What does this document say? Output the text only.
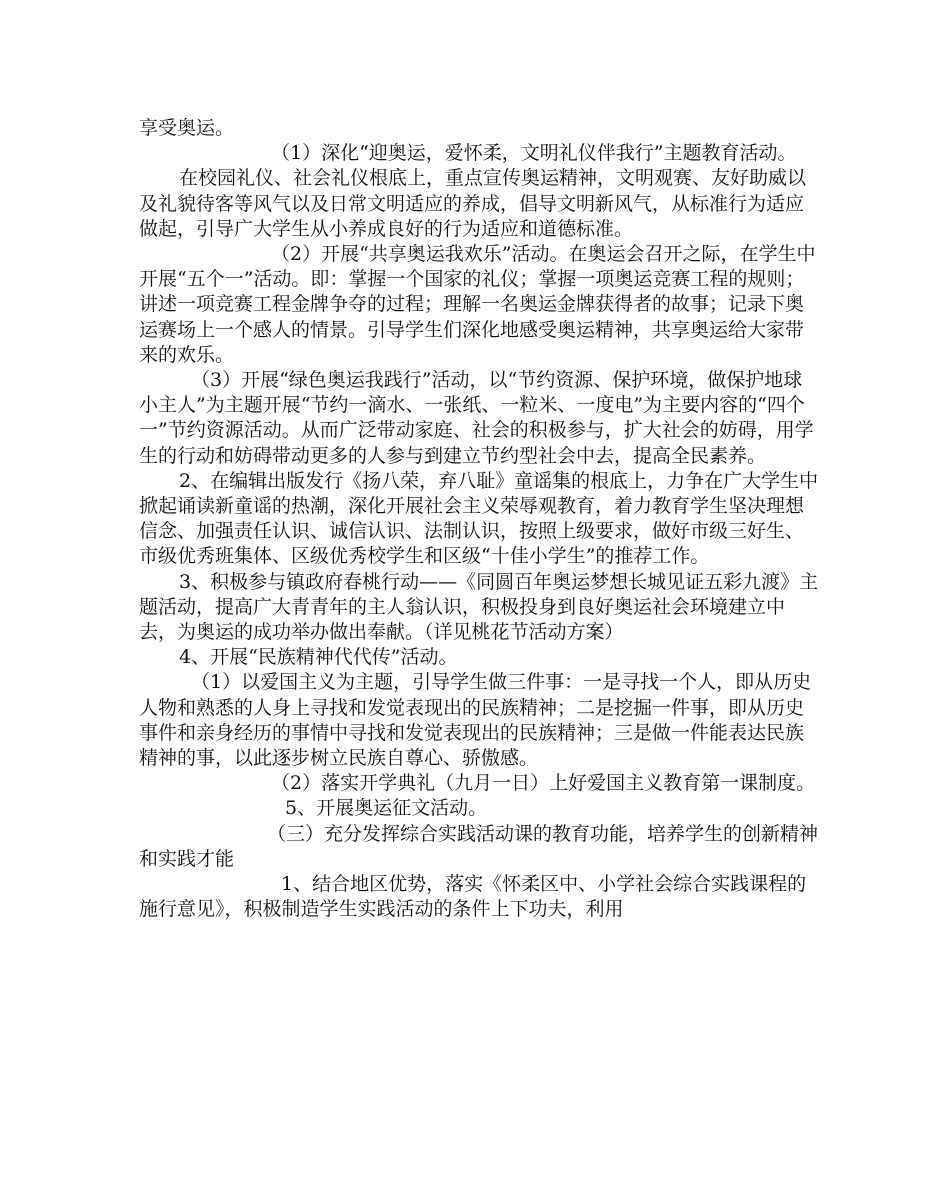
享受奥运。

（1）深化“迎奥运，爱怀柔，文明礼仪伴我行”主题教育活动。

在校园礼仪、社会礼仪根底上，重点宣传奥运精神，文明观赛、友好助威以及礼貌待客等风气以及日常文明适应的养成，倡导文明新风气，从标准行为适应做起，引导广大学生从小养成良好的行为适应和道德标准。

（2）开展“共享奥运我欢乐”活动。在奥运会召开之际，在学生中开展“五个一”活动。即：掌握一个国家的礼仪；掌握一项奥运竞赛工程的规则；讲述一项竞赛工程金牌争夺的过程；理解一名奥运金牌获得者的故事；记录下奥运赛场上一个感人的情景。引导学生们深化地感受奥运精神，共享奥运给大家带来的欢乐。

（3）开展“绿色奥运我践行”活动，以“节约资源、保护环境，做保护地球小主人”为主题开展“节约一滴水、一张纸、一粒米、一度电”为主要内容的“四个一”节约资源活动。从而广泛带动家庭、社会的积极参与，扩大社会的妨碍，用学生的行动和妨碍带动更多的人参与到建立节约型社会中去，提高全民素养。

2、在编辑出版发行《扬八荣，弃八耻》童谣集的根底上，力争在广大学生中掀起诵读新童谣的热潮，深化开展社会主义荣辱观教育，着力教育学生坚决理想信念、加强责任认识、诚信认识、法制认识，按照上级要求，做好市级三好生、市级优秀班集体、区级优秀校学生和区级“十佳小学生”的推荐工作。

3、积极参与镇政府春桃行动——《同圆百年奥运梦想长城见证五彩九渡》主题活动，提高广大青青年的主人翁认识，积极投身到良好奥运社会环境建立中去，为奥运的成功举办做出奉献。（详见桃花节活动方案）

4、开展“民族精神代代传”活动。

（1）以爱国主义为主题，引导学生做三件事：一是寻找一个人，即从历史人物和熟悉的人身上寻找和发觉表现出的民族精神；二是挖掘一件事，即从历史事件和亲身经历的事情中寻找和发觉表现出的民族精神；三是做一件能表达民族精神的事，以此逐步树立民族自尊心、骄傲感。

（2）落实开学典礼（九月一日）上好爱国主义教育第一课制度。

5、开展奥运征文活动。

（三）充分发挥综合实践活动课的教育功能，培养学生的创新精神和实践才能

1、结合地区优势，落实《怀柔区中、小学社会综合实践课程的施行意见》，积极制造学生实践活动的条件上下功夫，利用
